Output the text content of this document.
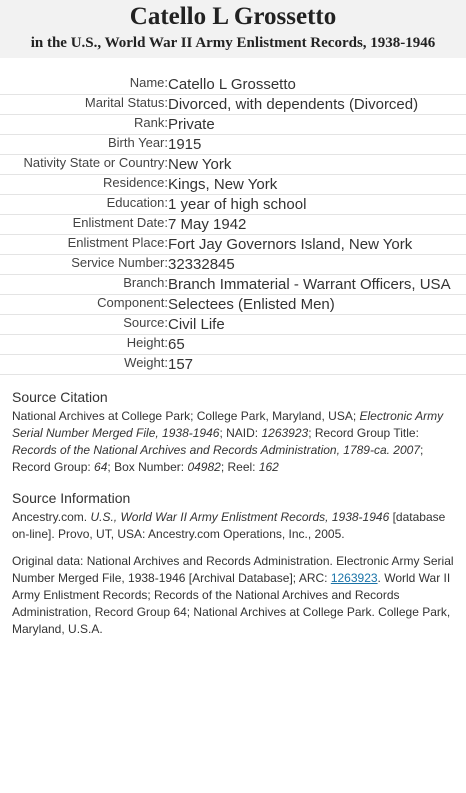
Catello L Grossetto
in the U.S., World War II Army Enlistment Records, 1938-1946
Name:	Catello L Grossetto
Marital Status:	Divorced, with dependents (Divorced)
Rank:	Private
Birth Year:	1915
Nativity State or Country:	New York
Residence:	Kings, New York
Education:	1 year of high school
Enlistment Date:	7 May 1942
Enlistment Place:	Fort Jay Governors Island, New York
Service Number:	32332845
Branch:	Branch Immaterial - Warrant Officers, USA
Component:	Selectees (Enlisted Men)
Source:	Civil Life
Height:	65
Weight:	157
Source Citation

National Archives at College Park; College Park, Maryland, USA; Electronic Army Serial Number Merged File, 1938-1946; NAID: 1263923; Record Group Title: Records of the National Archives and Records Administration, 1789-ca. 2007; Record Group: 64; Box Number: 04982; Reel: 162

Source Information

Ancestry.com. U.S., World War II Army Enlistment Records, 1938-1946 [database on-line]. Provo, UT, USA: Ancestry.com Operations, Inc., 2005.

Original data: National Archives and Records Administration. Electronic Army Serial Number Merged File, 1938-1946 [Archival Database]; ARC: 1263923. World War II Army Enlistment Records; Records of the National Archives and Records Administration, Record Group 64; National Archives at College Park. College Park, Maryland, U.S.A.
